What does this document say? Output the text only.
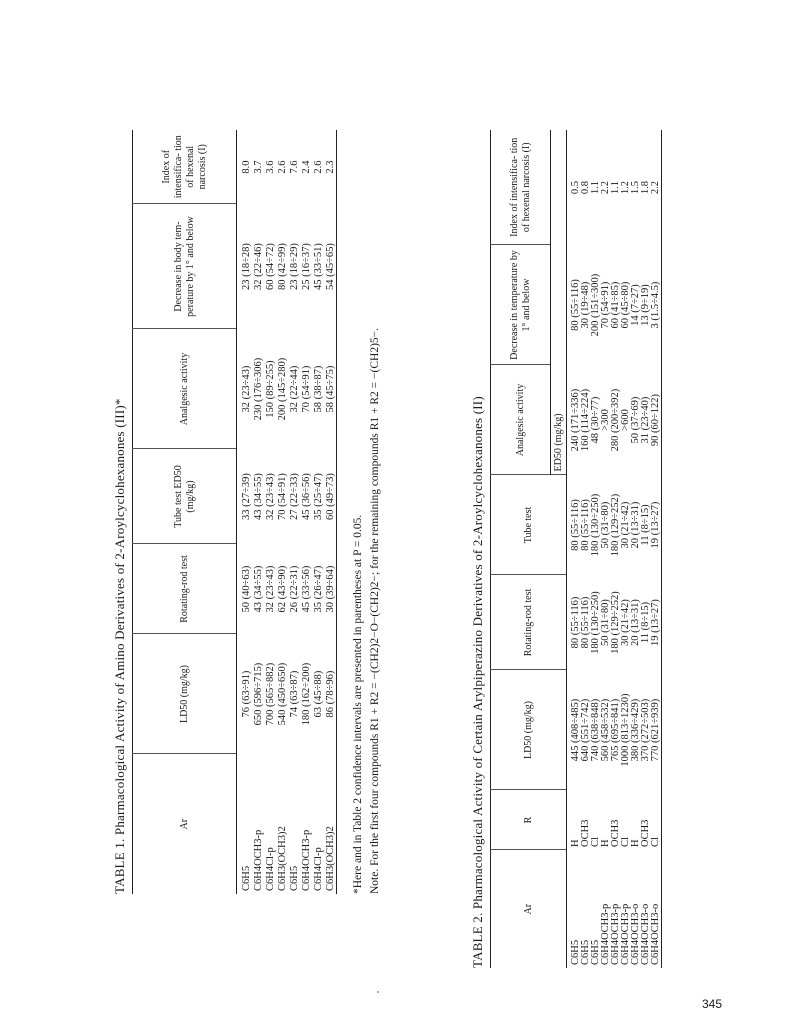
TABLE 1. Pharmacological Activity of Amino Derivatives of 2-Aroylcyclohexanones (III)*	Ar	LD50 (mg/kg)	Rotating-rod test	Tube test ED50 (mg/kg)	Analgesic activity	Decrease in body tem- perature by 1° and below	Index of intensifica- tion of hexenal narcosis (I)
C6H5	76 (63÷91)	50 (40÷63)	33 (27÷39)	32 (23÷43)	23 (18÷28)	8.0
C6H4OCH3-p	650 (596÷715)	43 (34÷55)	43 (34÷55)	230 (176÷306)	32 (22÷46)	3.7
C6H4Cl-p	700 (565÷882)	32 (23÷43)	32 (23÷43)	150 (89÷255)	60 (54÷72)	3.6
C6H3(OCH3)2	540 (450÷650)	62 (43÷90)	70 (54÷91)	200 (145÷280)	80 (42÷99)	2.6
C6H5	74 (63÷87)	26 (22÷31)	27 (22÷33)	32 (22÷44)	23 (18÷29)	7.6
C6H4OCH3-p	180 (162÷200)	45 (33÷56)	45 (36÷56)	70 (54÷91)	25 (16÷37)	2.4
C6H4Cl-p	63 (45÷88)	35 (26÷47)	35 (25÷47)	58 (38÷87)	45 (33÷51)	2.6
C6H3(OCH3)2	86 (78÷96)	30 (39÷64)	60 (49÷73)	58 (45÷75)	54 (45÷65)	2.3
*Here and in Table 2 confidence intervals are presented in parentheses at P = 0.05. Note. For the first four compounds R1 + R2 = −(CH2)2−O−(CH2)2−; for the remaining compounds R1 + R2 = −(CH2)5−.	TABLE 2. Pharmacological Activity of Certain Arylpiperazino Derivatives of 2-Aroylcyclohexanones (II)	Ar	R	LD50 (mg/kg)	Rotating-rod test	Tube test	Analgesic activity	Decrease in temperature by 1° and below	Index of intensifica- tion of hexenal narcosis (I)
					ED50 (mg/kg)		
C6H5	H	445 (408÷485)	80 (55÷116)	80 (55÷116)	240 (171÷336)	80 (55÷116)	0.5
C6H5	OCH3	640 (551÷742)	80 (55÷116)	80 (55÷116)	160 (114÷224)	30 (19÷48)	0.8
C6H5	Cl	740 (638÷848)	180 (130÷250)	180 (130÷250)	48 (30÷77)	200 (151÷300)	1.1
C6H4OCH3-p	H	560 (458÷532)	50 (31÷80)	50 (31÷80)	>300	70 (54÷91)	2.2
C6H4OCH3-p	OCH3	765 (695÷841)	180 (129÷252)	180 (129÷252)	280 (200÷392)	60 (41÷85)	1.1
C6H4OCH3-p	Cl	1000 (813÷1230)	30 (21÷42)	30 (21÷42)	>600	60 (45÷80)	1.2
C6H4OCH3-o	H	380 (336÷429)	20 (13÷31)	20 (13÷31)	50 (37÷69)	14 (7÷27)	1.5
C6H4OCH3-o	OCH3	370 (272÷503)	11 (8÷15)	11 (8÷15)	31 (23÷40)	13 (9÷19)	1.8
C6H4OCH3-o	Cl	770 (621÷939)	19 (13÷27)	19 (13÷27)	90 (60÷122)	3 (1.5÷4.5)	2.2
345
